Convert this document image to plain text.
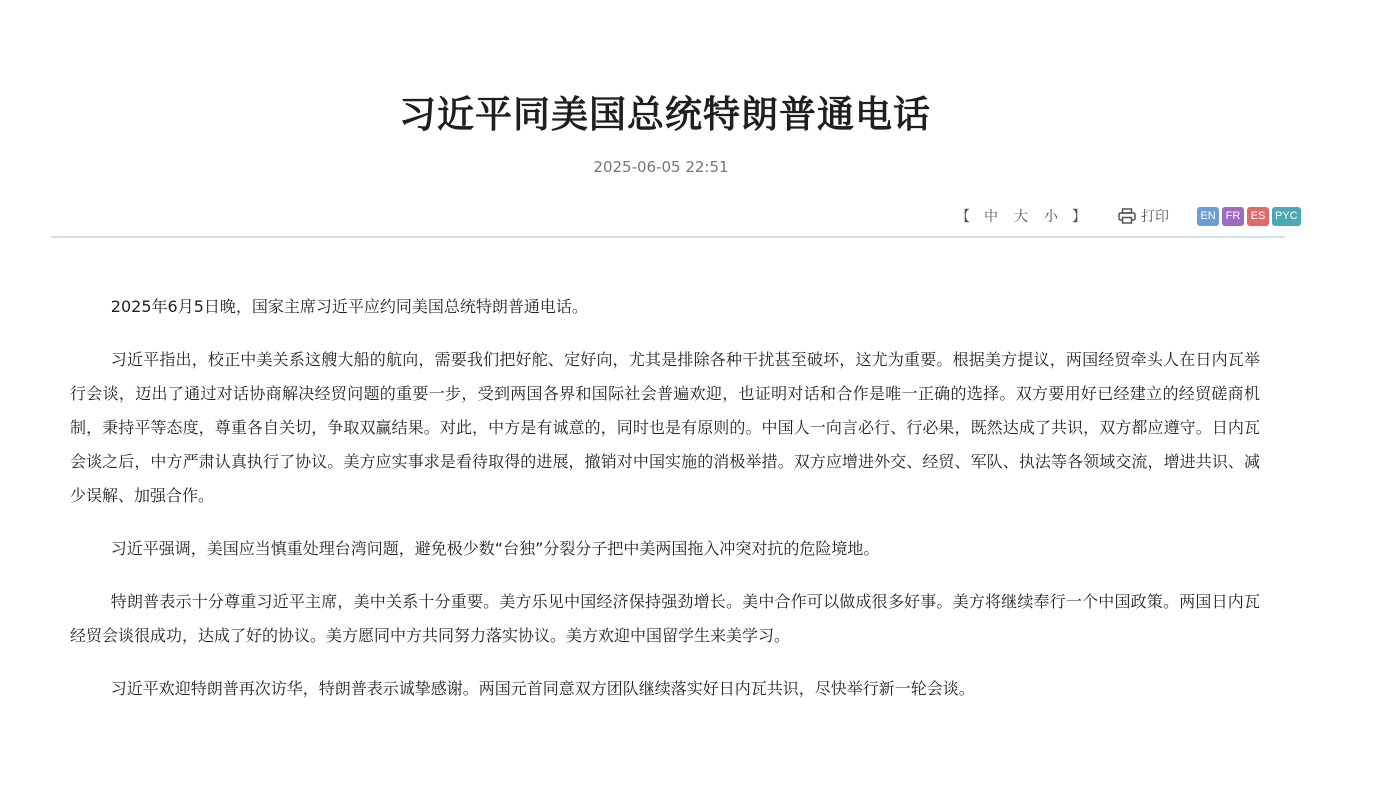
习近平同美国总统特朗普通电话
2025-06-05 22:51
【 中 大 小 】	打印	EN FR ES PYC

2025年6月5日晚，国家主席习近平应约同美国总统特朗普通电话。

习近平指出，校正中美关系这艘大船的航向，需要我们把好舵、定好向，尤其是排除各种干扰甚至破坏，这尤为重要。根据美方提议，两国经贸牵头人在日内瓦举行会谈，迈出了通过对话协商解决经贸问题的重要一步，受到两国各界和国际社会普遍欢迎，也证明对话和合作是唯一正确的选择。双方要用好已经建立的经贸磋商机制，秉持平等态度，尊重各自关切，争取双赢结果。对此，中方是有诚意的，同时也是有原则的。中国人一向言必行、行必果，既然达成了共识，双方都应遵守。日内瓦会谈之后，中方严肃认真执行了协议。美方应实事求是看待取得的进展，撤销对中国实施的消极举措。双方应增进外交、经贸、军队、执法等各领域交流，增进共识、减少误解、加强合作。

习近平强调，美国应当慎重处理台湾问题，避免极少数“台独”分裂分子把中美两国拖入冲突对抗的危险境地。

特朗普表示十分尊重习近平主席，美中关系十分重要。美方乐见中国经济保持强劲增长。美中合作可以做成很多好事。美方将继续奉行一个中国政策。两国日内瓦经贸会谈很成功，达成了好的协议。美方愿同中方共同努力落实协议。美方欢迎中国留学生来美学习。

习近平欢迎特朗普再次访华，特朗普表示诚挚感谢。两国元首同意双方团队继续落实好日内瓦共识，尽快举行新一轮会谈。
